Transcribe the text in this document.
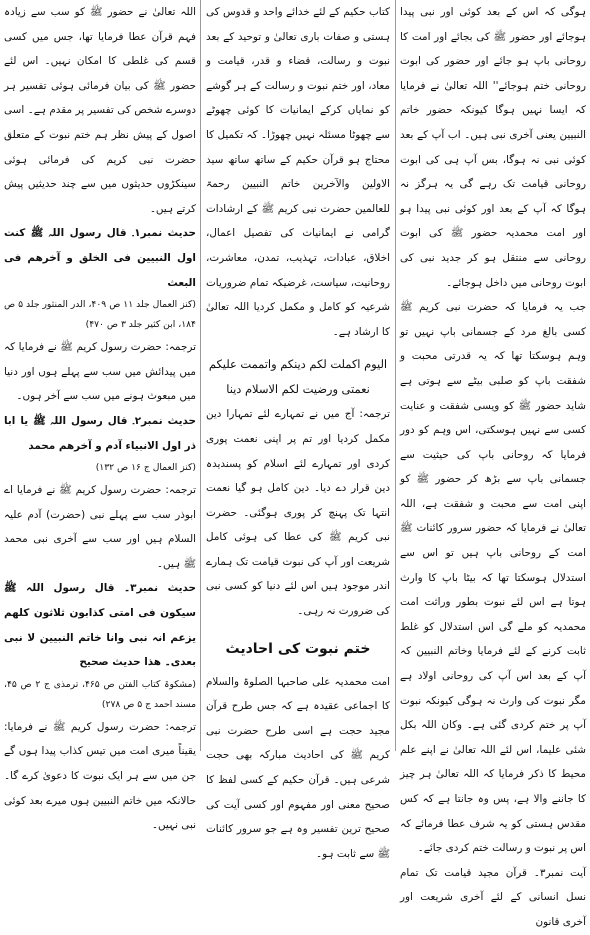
ہوگی کہ اس کے بعد کوئی اور نبی پیدا ہوجائے اور حضور ﷺ کی بجائے اور امت کا روحانی باپ ہو جائے اور حضور کی ابوت روحانی ختم ہوجائے'' اللہ تعالیٰ نے فرمایا کہ ایسا نہیں ہوگا کیونکہ حضور خاتم النبیین یعنی آخری نبی ہیں۔ اب آپ کے بعد کوئی نبی نہ ہوگا، بس آپ ہی کی ابوت روحانی قیامت تک رہے گی یہ ہرگز نہ ہوگا کہ آپ کے بعد اور کوئی نبی پیدا ہو اور امت محمدیہ حضور ﷺ کی ابوت روحانی سے منتقل ہو کر جدید نبی کی ابوت روحانی میں داخل ہوجائے۔

جب یہ فرمایا کہ حضرت نبی کریم ﷺ کسی بالغ مرد کے جسمانی باپ نہیں تو وہم ہوسکتا تھا کہ یہ قدرتی محبت و شفقت باپ کو صلبی بیٹے سے ہوتی ہے شاید حضور ﷺ کو ویسی شفقت و عنایت کسی سے نہیں ہوسکتی، اس وہم کو دور فرمایا کہ روحانی باپ کی حیثیت سے جسمانی باپ سے بڑھ کر حضور ﷺ کو اپنی امت سے محبت و شفقت ہے، اللہ تعالیٰ نے فرمایا کہ حضور سرور کائنات ﷺ امت کے روحانی باپ ہیں تو اس سے استدلال ہوسکتا تھا کہ بیٹا باپ کا وارث ہوتا ہے اس لئے نبوت بطور وراثت امت محمدیہ کو ملے گی اس استدلال کو غلط ثابت کرنے کے لئے فرمایا وخاتم النبیین کہ آپ کے بعد اس آپ کی روحانی اولاد ہے مگر نبوت کی وارث نہ ہوگی کیونکہ نبوت آپ پر ختم کردی گئی ہے۔ وکان اللہ بکل شئی علیما، اس لئے اللہ تعالیٰ نے اپنے علم محیط کا ذکر فرمایا کہ اللہ تعالیٰ ہر چیز کا جاننے والا ہے، پس وہ جانتا ہے کہ کس مقدس ہستی کو یہ شرف عطا فرمائے کہ اس پر نبوت و رسالت ختم کردی جائے۔

آیت نمبر۳۔ قرآن مجید قیامت تک تمام نسل انسانی کے لئے آخری شریعت اور آخری قانون

کتاب حکیم کے لئے خدائے واحد و قدوس کی ہستی و صفات باری تعالیٰ و توحید کے بعد نبوت و رسالت، قضاء و قدر، قیامت و معاد، اور ختم نبوت و رسالت کے ہر گوشے کو نمایاں کرکے ایمانیات کا کوئی چھوٹے سے چھوٹا مسئلہ نہیں چھوڑا۔ کہ تکمیل کا محتاج ہو قرآن حکیم کے ساتھ ساتھ سید الاولین والآخرین خاتم النبیین رحمۃ للعالمین حضرت نبی کریم ﷺ کے ارشادات گرامی نے ایمانیات کی تفصیل اعمال، اخلاق، عبادات، تہذیب، تمدن، معاشرت، روحانیت، سیاست، غرضیکہ تمام ضروریات شرعیہ کو کامل و مکمل کردیا اللہ تعالیٰ کا ارشاد ہے۔

الیوم اکملت لکم دینکم واتممت علیکم نعمتی ورضیت لکم الاسلام دینا

ترجمہ: آج میں نے تمہارے لئے تمہارا دین مکمل کردیا اور تم پر اپنی نعمت پوری کردی اور تمہارے لئے اسلام کو پسندیدہ دین قرار دے دیا۔ دین کامل ہو گیا نعمت انتہا تک پہنچ کر پوری ہوگئی۔ حضرت نبی کریم ﷺ کی عطا کی ہوئی کامل شریعت اور آپ کی نبوت قیامت تک ہمارے اندر موجود ہیں اس لئے دنیا کو کسی نبی کی ضرورت نہ رہی۔

ختم نبوت کی احادیث

امت محمدیہ علی صاحبہا الصلوۃ والسلام کا اجماعی عقیدہ ہے کہ جس طرح قرآن مجید حجت ہے اسی طرح حضرت نبی کریم ﷺ کی احادیث مبارکہ بھی حجت شرعی ہیں۔ قرآن حکیم کے کسی لفظ کا صحیح معنی اور مفہوم اور کسی آیت کی صحیح ترین تفسیر وہ ہے جو سرور کائنات ﷺ سے ثابت ہو۔

اللہ تعالیٰ نے حضور ﷺ کو سب سے زیادہ فہم قرآن عطا فرمایا تھا، جس میں کسی قسم کی غلطی کا امکان نہیں۔ اس لئے حضور ﷺ کی بیان فرمائی ہوئی تفسیر ہر دوسرے شخص کی تفسیر پر مقدم ہے۔ اسی اصول کے پیش نظر ہم ختم نبوت کے متعلق حضرت نبی کریم کی فرمائی ہوئی سینکڑوں حدیثوں میں سے چند حدیثیں پیش کرتے ہیں۔

حدیث نمبر۱۔ قال رسول اللہ ﷺ کنت اول النبیین فی الخلق و آخرھم فی البعث

(کنز العمال جلد ۱۱ ص ۴۰۹، الدر المنثور جلد ۵ ص ۱۸۴، ابن کثیر جلد ۳ ص ۴۷۰)

ترجمہ: حضرت رسول کریم ﷺ نے فرمایا کہ میں پیدائش میں سب سے پہلے ہوں اور دنیا میں مبعوث ہونے میں سب سے آخر ہوں۔

حدیث نمبر۲۔ قال رسول اللہ ﷺ یا ابا ذر اول الانبیاء آدم و آخرھم محمد

(کنز العمال ج ۱۶ ص ۱۳۲)

ترجمہ: حضرت رسول کریم ﷺ نے فرمایا اے ابوذر سب سے پہلے نبی (حضرت) آدم علیہ السلام ہیں اور سب سے آخری نبی محمد ﷺ ہیں۔

حدیث نمبر۳۔ قال رسول اللہ ﷺ سیکون فی امتی کذابون ثلاثون کلھم یزعم انہ نبی وانا خاتم النبیین لا نبی بعدی۔ ھذا حدیث صحیح

(مشکوۃ کتاب الفتن ص ۴۶۵، ترمذی ج ۲ ص ۴۵، مسند احمد ج ۵ ص ۲۷۸)

ترجمہ: حضرت رسول کریم ﷺ نے فرمایا: یقیناً میری امت میں تیس کذاب پیدا ہوں گے جن میں سے ہر ایک نبوت کا دعویٰ کرے گا۔ حالانکہ میں خاتم النبیین ہوں میرے بعد کوئی نبی نہیں۔
